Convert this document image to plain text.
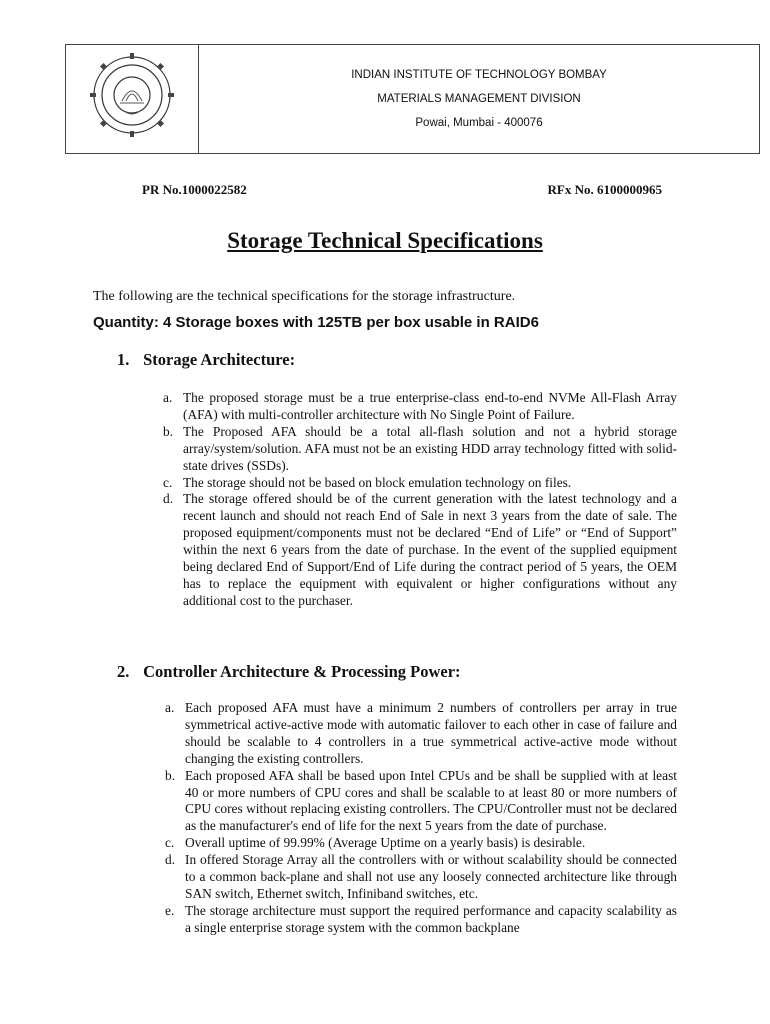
INDIAN INSTITUTE OF TECHNOLOGY BOMBAY
MATERIALS MANAGEMENT DIVISION
Powai, Mumbai - 400076
PR No.1000022582	RFx No. 6100000965
Storage Technical Specifications
The following are the technical specifications for the storage infrastructure.
Quantity: 4 Storage boxes with 125TB per box usable in RAID6
1. Storage Architecture:
a. The proposed storage must be a true enterprise-class end-to-end NVMe All-Flash Array (AFA) with multi-controller architecture with No Single Point of Failure.
b. The Proposed AFA should be a total all-flash solution and not a hybrid storage array/system/solution. AFA must not be an existing HDD array technology fitted with solid-state drives (SSDs).
c. The storage should not be based on block emulation technology on files.
d. The storage offered should be of the current generation with the latest technology and a recent launch and should not reach End of Sale in next 3 years from the date of sale. The proposed equipment/components must not be declared “End of Life” or “End of Support” within the next 6 years from the date of purchase. In the event of the supplied equipment being declared End of Support/End of Life during the contract period of 5 years, the OEM has to replace the equipment with equivalent or higher configurations without any additional cost to the purchaser.
2. Controller Architecture & Processing Power:
a. Each proposed AFA must have a minimum 2 numbers of controllers per array in true symmetrical active-active mode with automatic failover to each other in case of failure and should be scalable to 4 controllers in a true symmetrical active-active mode without changing the existing controllers.
b. Each proposed AFA shall be based upon Intel CPUs and be shall be supplied with at least 40 or more numbers of CPU cores and shall be scalable to at least 80 or more numbers of CPU cores without replacing existing controllers. The CPU/Controller must not be declared as the manufacturer's end of life for the next 5 years from the date of purchase.
c. Overall uptime of 99.99% (Average Uptime on a yearly basis) is desirable.
d. In offered Storage Array all the controllers with or without scalability should be connected to a common back-plane and shall not use any loosely connected architecture like through SAN switch, Ethernet switch, Infiniband switches, etc.
e. The storage architecture must support the required performance and capacity scalability as a single enterprise storage system with the common backplane
